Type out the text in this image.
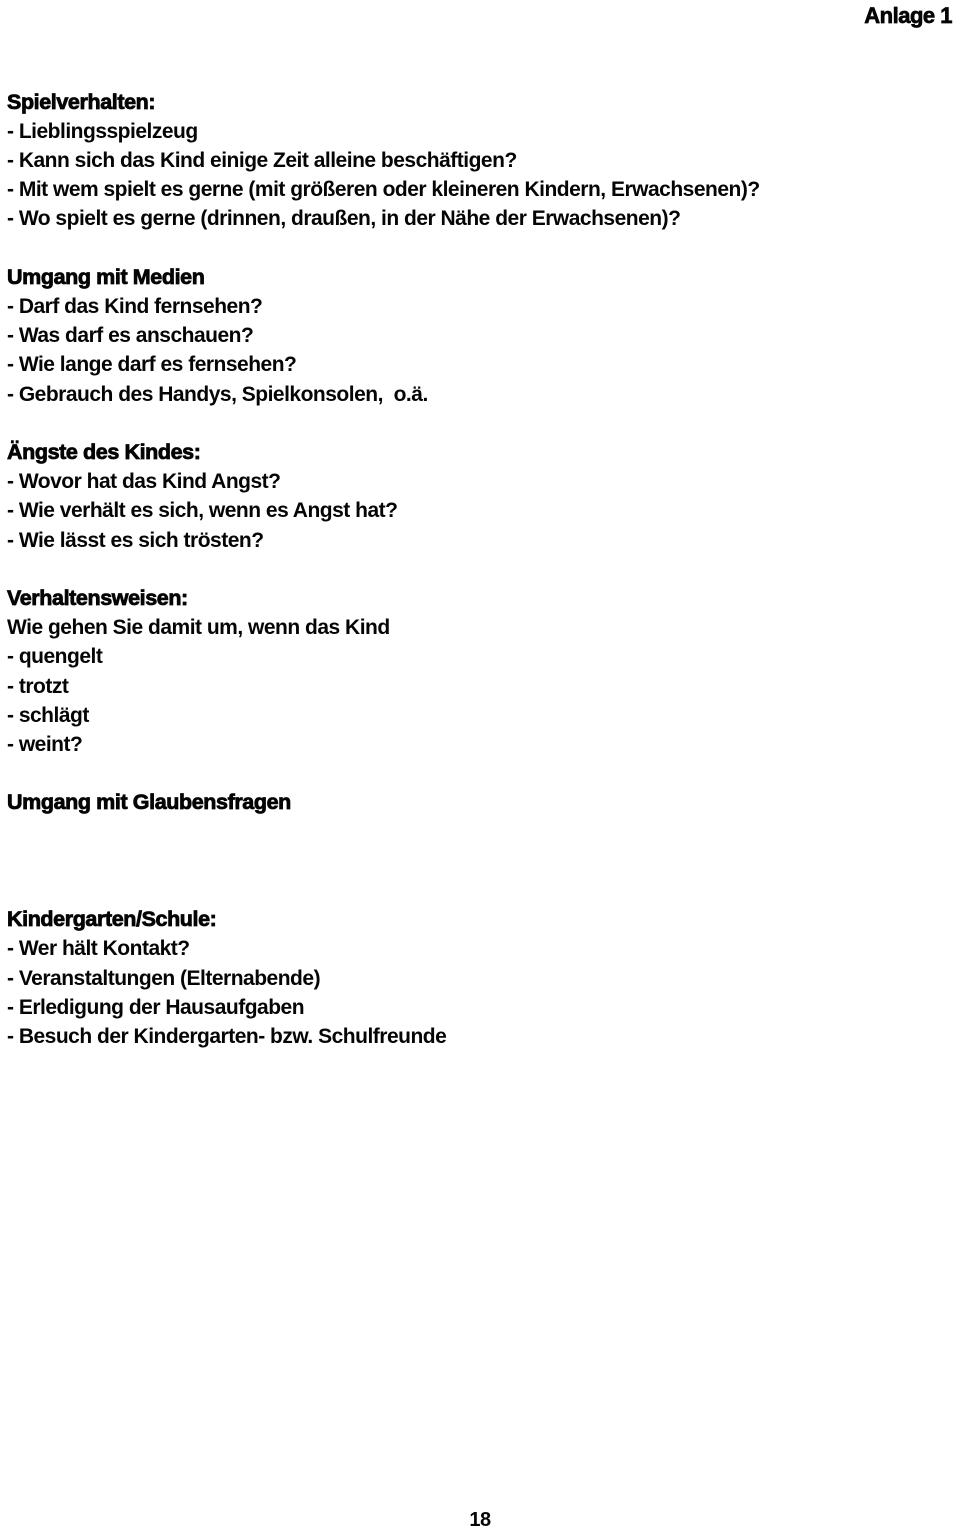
Anlage 1
Spielverhalten:
- Lieblingsspielzeug
- Kann sich das Kind einige Zeit alleine beschäftigen?
- Mit wem spielt es gerne (mit größeren oder kleineren Kindern, Erwachsenen)?
- Wo spielt es gerne (drinnen, draußen, in der Nähe der Erwachsenen)?
Umgang mit Medien
- Darf das Kind fernsehen?
- Was darf es anschauen?
- Wie lange darf es fernsehen?
- Gebrauch des Handys, Spielkonsolen,  o.ä.
Ängste des Kindes:
- Wovor hat das Kind Angst?
- Wie verhält es sich, wenn es Angst hat?
- Wie lässt es sich trösten?
Verhaltensweisen:
Wie gehen Sie damit um, wenn das Kind
- quengelt
- trotzt
- schlägt
- weint?
Umgang mit Glaubensfragen
Kindergarten/Schule:
- Wer hält Kontakt?
- Veranstaltungen (Elternabende)
- Erledigung der Hausaufgaben
- Besuch der Kindergarten- bzw. Schulfreunde
18
